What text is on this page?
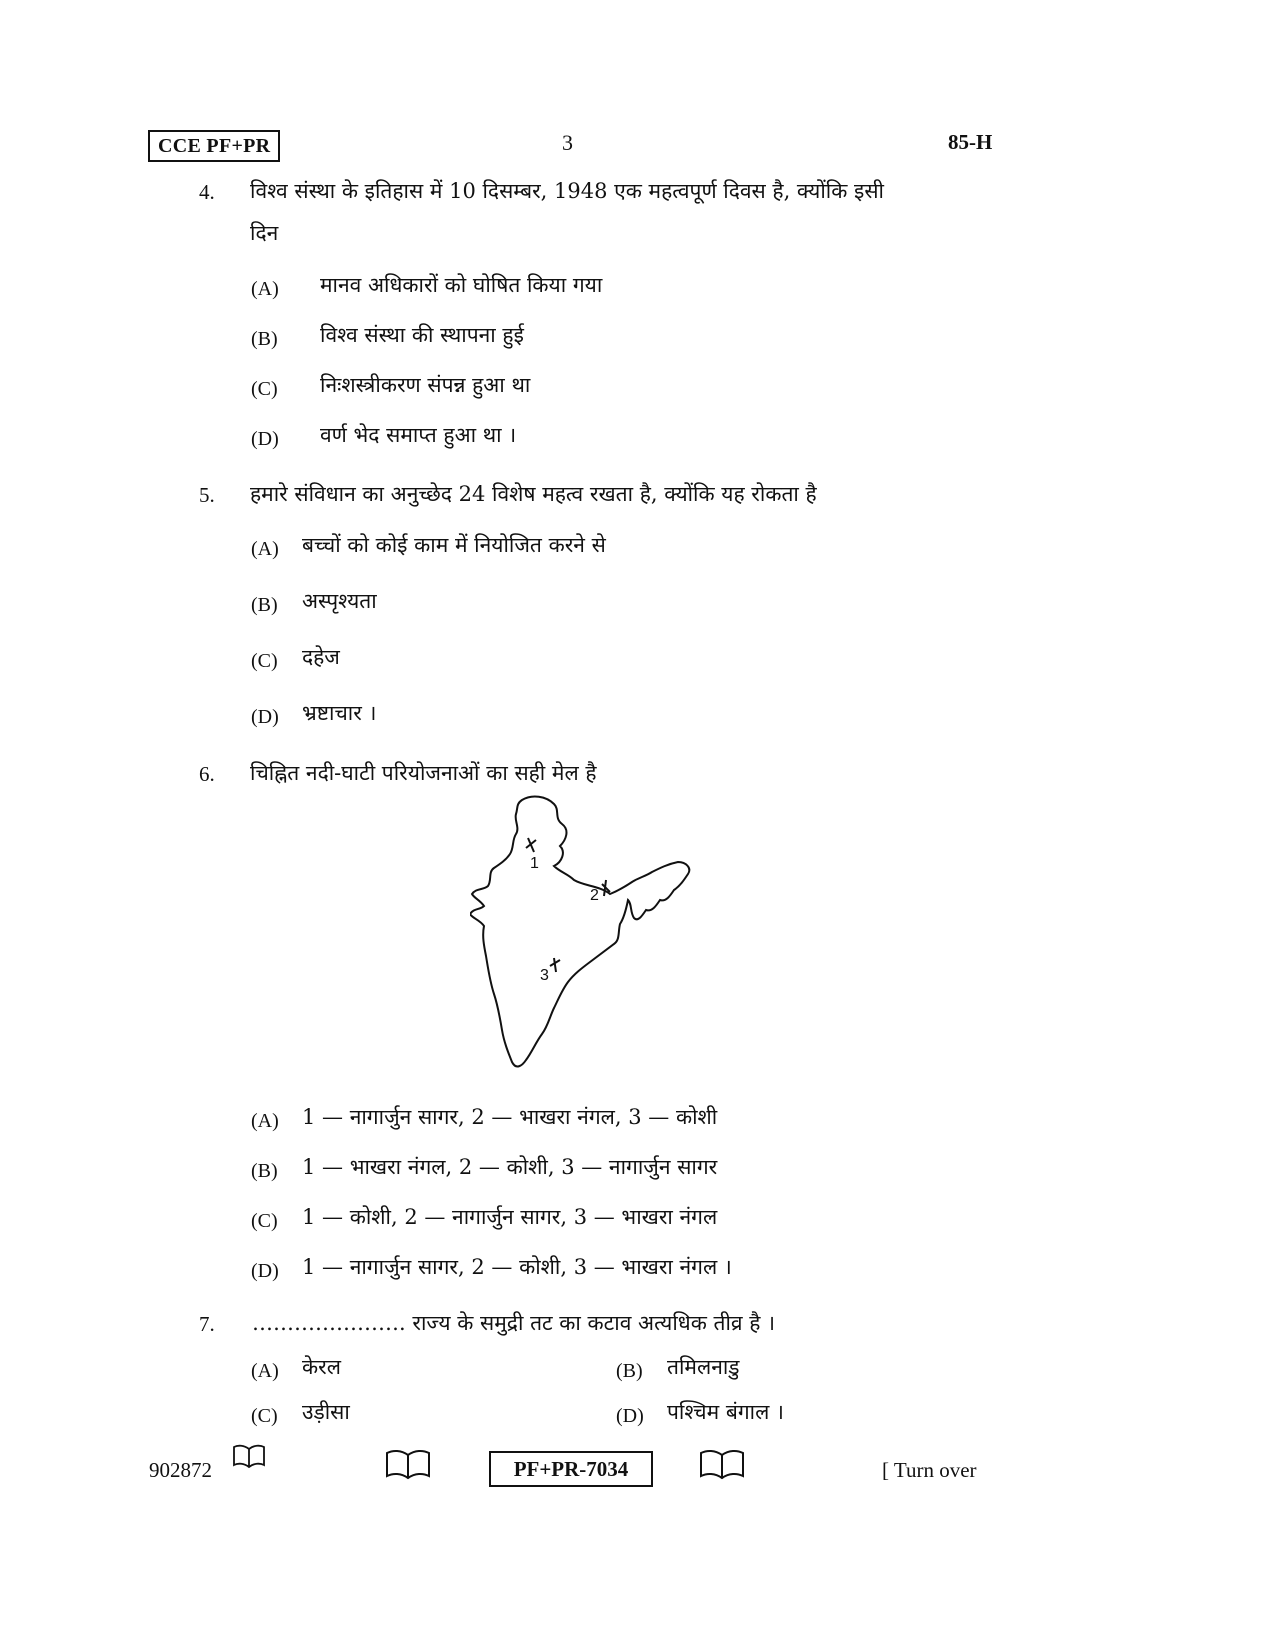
CCE PF+PR	3	85-H
4. विश्व संस्था के इतिहास में 10 दिसम्बर, 1948 एक महत्वपूर्ण दिवस है, क्योंकि इसी
दिन
(A) मानव अधिकारों को घोषित किया गया
(B) विश्व संस्था की स्थापना हुई
(C) निःशस्त्रीकरण संपन्न हुआ था
(D) वर्ण भेद समाप्त हुआ था ।
5. हमारे संविधान का अनुच्छेद 24 विशेष महत्व रखता है, क्योंकि यह रोकता है
(A) बच्चों को कोई काम में नियोजित करने से
(B) अस्पृश्यता
(C) दहेज
(D) भ्रष्टाचार ।
6. चिह्नित नदी-घाटी परियोजनाओं का सही मेल है
1
2
3
(A) 1 — नागार्जुन सागर, 2 — भाखरा नंगल, 3 — कोशी
(B) 1 — भाखरा नंगल, 2 — कोशी, 3 — नागार्जुन सागर
(C) 1 — कोशी, 2 — नागार्जुन सागर, 3 — भाखरा नंगल
(D) 1 — नागार्जुन सागर, 2 — कोशी, 3 — भाखरा नंगल ।
7. …………………. राज्य के समुद्री तट का कटाव अत्यधिक तीव्र है ।
(A) केरल	(B) तमिलनाडु
(C) उड़ीसा	(D) पश्चिम बंगाल ।
902872	PF+PR-7034	[ Turn over
